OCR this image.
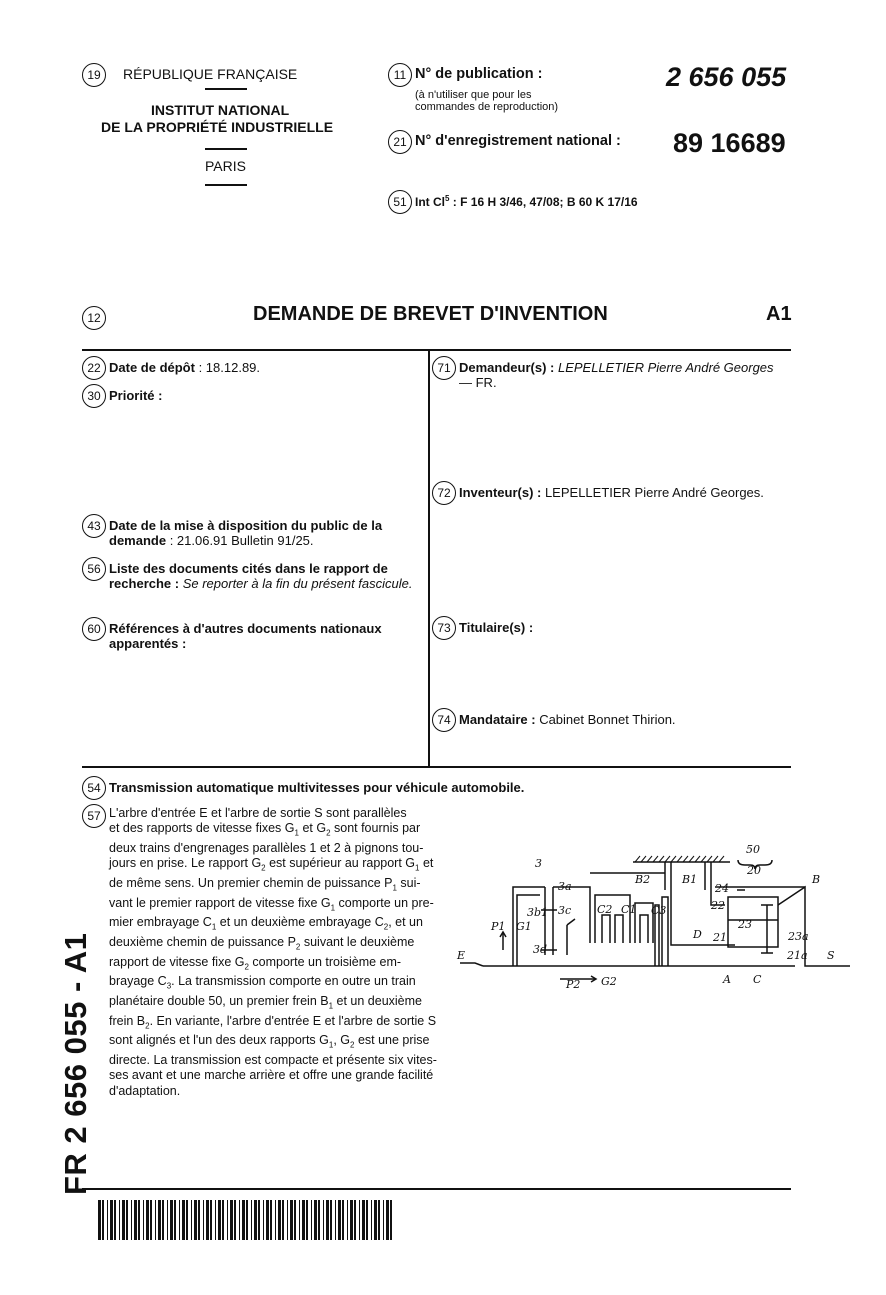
19	RÉPUBLIQUE FRANÇAISE
INSTITUT NATIONAL
DE LA PROPRIÉTÉ INDUSTRIELLE
PARIS
11 N° de publication :
(à n'utiliser que pour les
commandes de reproduction)
2 656 055
21 N° d'enregistrement national : 89 16689
51 Int Cl$^5$ : F 16 H 3/46, 47/08; B 60 K 17/16
12	DEMANDE DE BREVET D'INVENTION	A1
22 Date de dépôt : 18.12.89.
30 Priorité :
43 Date de la mise à disposition du public de la
demande : 21.06.91 Bulletin 91/25.
56 Liste des documents cités dans le rapport de
recherche : Se reporter à la fin du présent fascicule.
60 Références à d'autres documents nationaux
apparentés :
71 Demandeur(s) : LEPELLETIER Pierre André Georges
— FR.
72 Inventeur(s) : LEPELLETIER Pierre André Georges.
73 Titulaire(s) :
74 Mandataire : Cabinet Bonnet Thirion.
54 Transmission automatique multivitesses pour véhicule automobile.
57 L'arbre d'entrée E et l'arbre de sortie S sont parallèles
et des rapports de vitesse fixes $G_1$ et $G_2$ sont fournis par
deux trains d'engrenages parallèles 1 et 2 à pignons tou-
jours en prise. Le rapport $G_2$ est supérieur au rapport $G_1$ et
de même sens. Un premier chemin de puissance $P_1$ sui-
vant le premier rapport de vitesse fixe $G_1$ comporte un pre-
mier embrayage $C_1$ et un deuxième embrayage $C_2$, et un
deuxième chemin de puissance $P_2$ suivant le deuxième
rapport de vitesse fixe $G_2$ comporte un troisième em-
brayage $C_3$. La transmission comporte en outre un train
planétaire double 50, un premier frein $B_1$ et un deuxième
frein $B_2$. En variante, l'arbre d'entrée E et l'arbre de sortie S
sont alignés et l'un des deux rapports $G_1$, $G_2$ est une prise
directe. La transmission est compacte et présente six vites-
ses avant et une marche arrière et offre une grande facilité
d'adaptation.
50
20
B
3
3a
B2	B1
24
22
3b1 3c C2 C1 C3
P1 G1	23
23a
D 21
E	3d	21a S
P2 G2	A C
FR 2 656 055 - A1
